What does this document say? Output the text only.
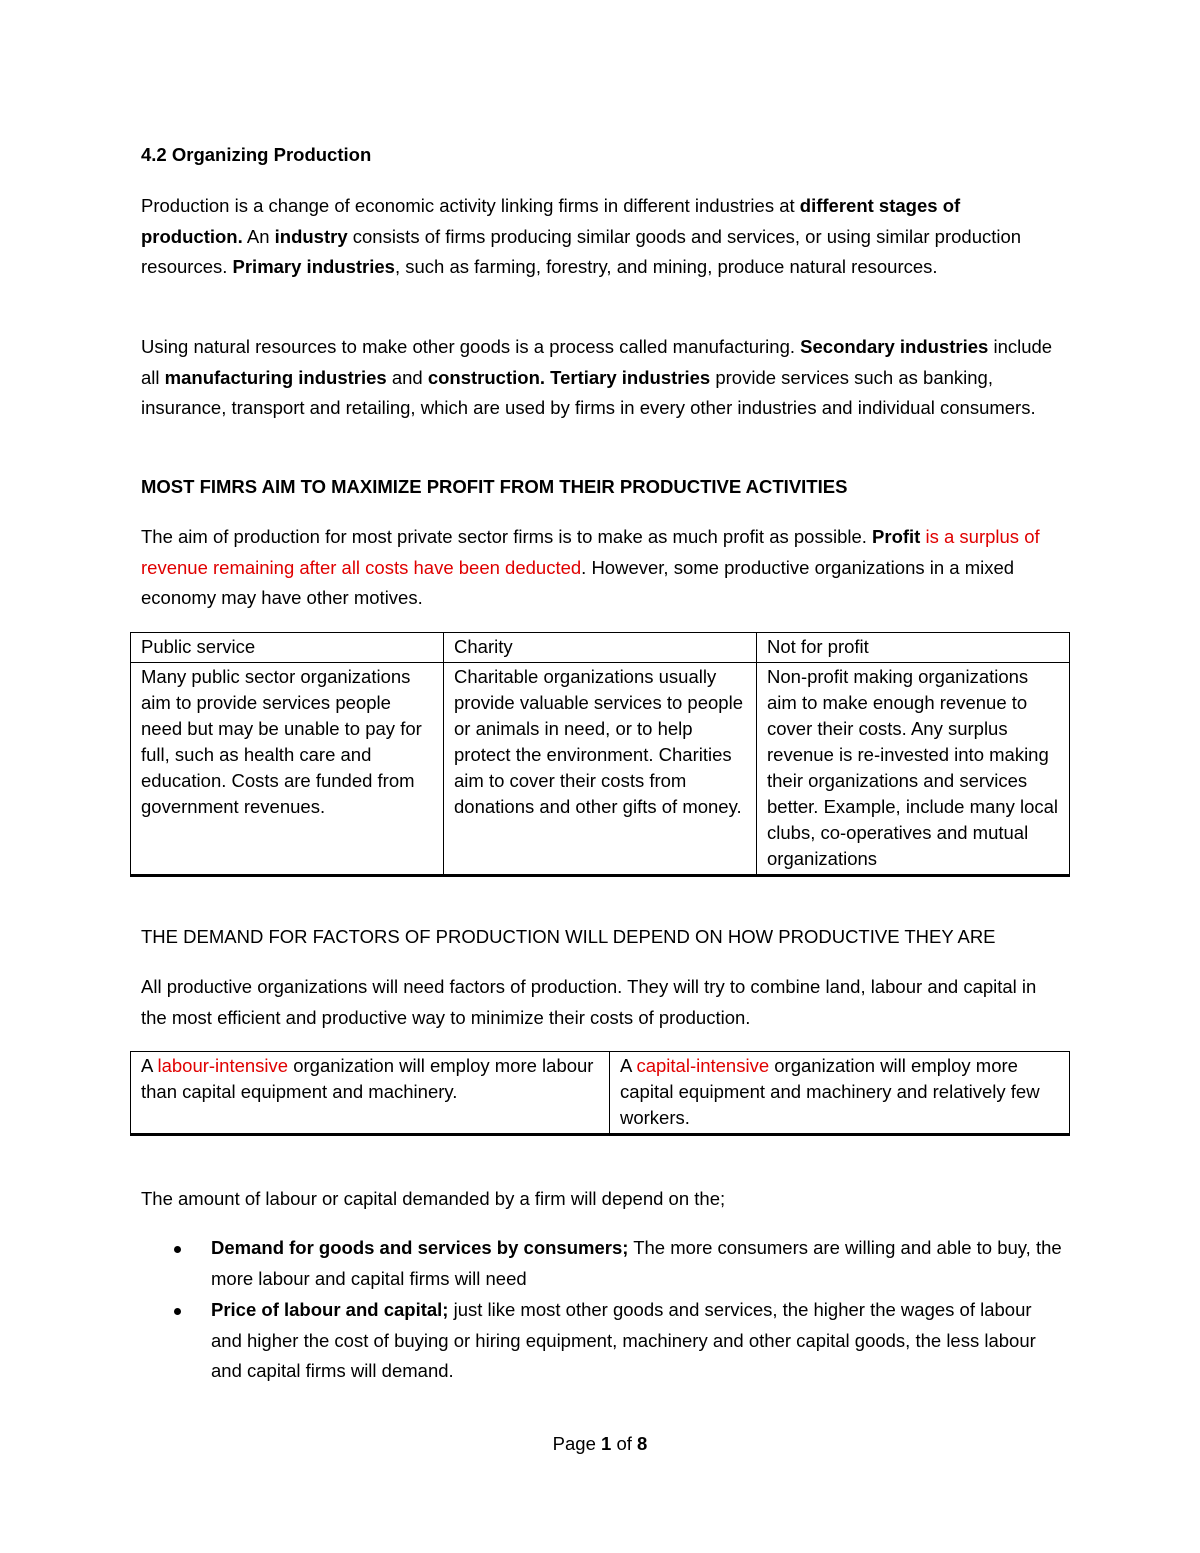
4.2 Organizing Production

Production is a change of economic activity linking firms in different industries at different stages of production. An industry consists of firms producing similar goods and services, or using similar production resources. Primary industries, such as farming, forestry, and mining, produce natural resources.

Using natural resources to make other goods is a process called manufacturing. Secondary industries include all manufacturing industries and construction. Tertiary industries provide services such as banking, insurance, transport and retailing, which are used by firms in every other industries and individual consumers.

MOST FIMRS AIM TO MAXIMIZE PROFIT FROM THEIR PRODUCTIVE ACTIVITIES

The aim of production for most private sector firms is to make as much profit as possible. Profit is a surplus of revenue remaining after all costs have been deducted. However, some productive organizations in a mixed economy may have other motives.

Public service	Charity	Not for profit
Many public sector organizations aim to provide services people need but may be unable to pay for full, such as health care and education. Costs are funded from government revenues.	Charitable organizations usually provide valuable services to people or animals in need, or to help protect the environment. Charities aim to cover their costs from donations and other gifts of money.	Non-profit making organizations aim to make enough revenue to cover their costs. Any surplus revenue is re-invested into making their organizations and services better. Example, include many local clubs, co-operatives and mutual organizations

THE DEMAND FOR FACTORS OF PRODUCTION WILL DEPEND ON HOW PRODUCTIVE THEY ARE

All productive organizations will need factors of production. They will try to combine land, labour and capital in the most efficient and productive way to minimize their costs of production.

A labour-intensive organization will employ more labour than capital equipment and machinery.	A capital-intensive organization will employ more capital equipment and machinery and relatively few workers.

The amount of labour or capital demanded by a firm will depend on the;

Demand for goods and services by consumers; The more consumers are willing and able to buy, the more labour and capital firms will need
Price of labour and capital; just like most other goods and services, the higher the wages of labour and higher the cost of buying or hiring equipment, machinery and other capital goods, the less labour and capital firms will demand.
Page 1 of 8
